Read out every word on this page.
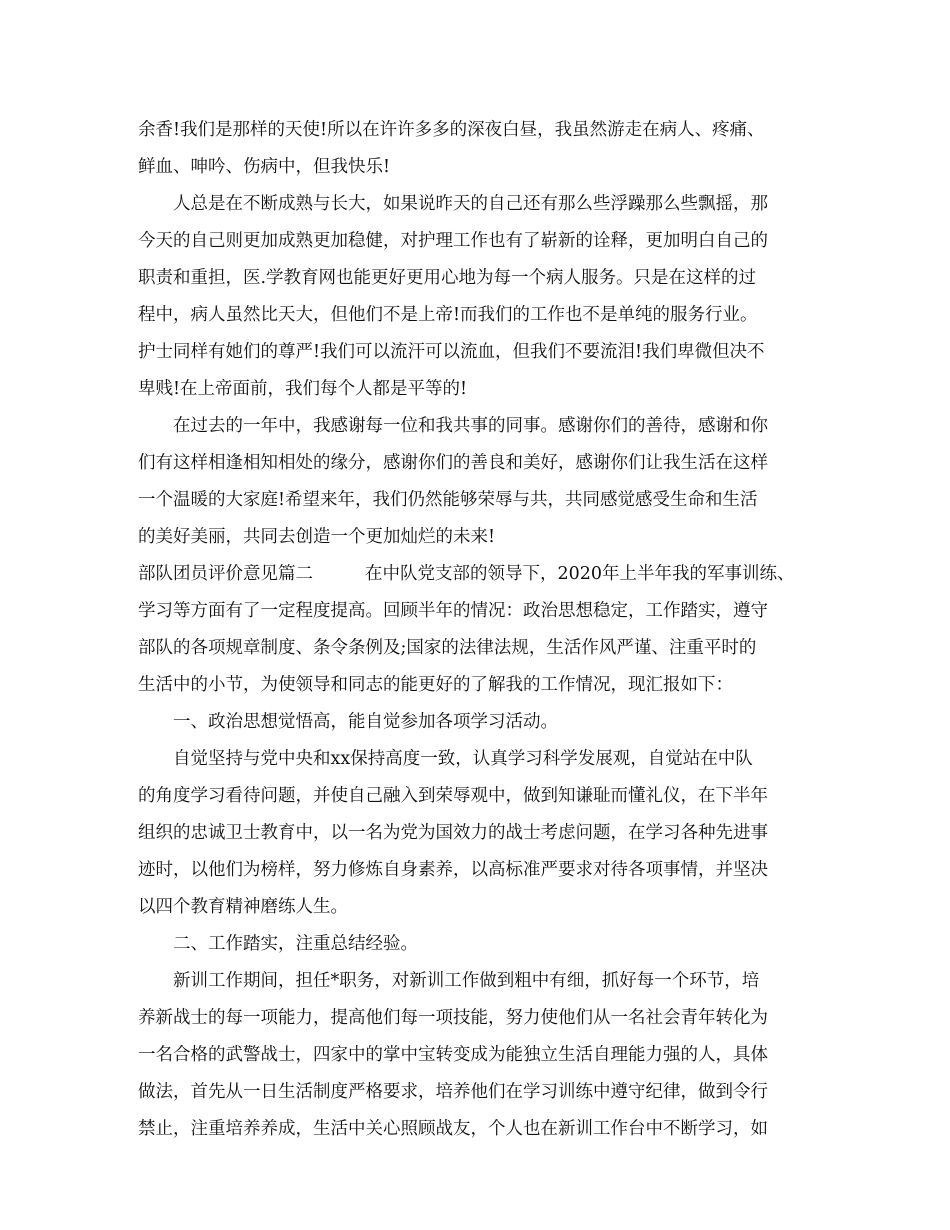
余香!我们是那样的天使!所以在许许多多的深夜白昼，我虽然游走在病人、疼痛、

鲜血、呻吟、伤病中，但我快乐!

　　人总是在不断成熟与长大，如果说昨天的自己还有那么些浮躁那么些飘摇，那

今天的自己则更加成熟更加稳健，对护理工作也有了崭新的诠释，更加明白自己的

职责和重担，医.学教育网也能更好更用心地为每一个病人服务。只是在这样的过

程中，病人虽然比天大，但他们不是上帝!而我们的工作也不是单纯的服务行业。

护士同样有她们的尊严!我们可以流汗可以流血，但我们不要流泪!我们卑微但决不

卑贱!在上帝面前，我们每个人都是平等的!

　　在过去的一年中，我感谢每一位和我共事的同事。感谢你们的善待，感谢和你

们有这样相逢相知相处的缘分，感谢你们的善良和美好，感谢你们让我生活在这样

一个温暖的大家庭!希望来年，我们仍然能够荣辱与共，共同感觉感受生命和生活

的美好美丽，共同去创造一个更加灿烂的未来!

部队团员评价意见篇二	在中队党支部的领导下，2020年上半年我的军事训练、

学习等方面有了一定程度提高。回顾半年的情况：政治思想稳定，工作踏实，遵守

部队的各项规章制度、条令条例及;国家的法律法规，生活作风严谨、注重平时的

生活中的小节，为使领导和同志的能更好的了解我的工作情况，现汇报如下：

　　一、政治思想觉悟高，能自觉参加各项学习活动。

　　自觉坚持与党中央和xx保持高度一致，认真学习科学发展观，自觉站在中队

的角度学习看待问题，并使自己融入到荣辱观中，做到知谦耻而懂礼仪，在下半年

组织的忠诚卫士教育中，以一名为党为国效力的战士考虑问题，在学习各种先进事

迹时，以他们为榜样，努力修炼自身素养，以高标准严要求对待各项事情，并坚决

以四个教育精神磨练人生。

　　二、工作踏实，注重总结经验。

　　新训工作期间，担任*职务，对新训工作做到粗中有细，抓好每一个环节，培

养新战士的每一项能力，提高他们每一项技能，努力使他们从一名社会青年转化为

一名合格的武警战士，四家中的掌中宝转变成为能独立生活自理能力强的人，具体

做法，首先从一日生活制度严格要求，培养他们在学习训练中遵守纪律，做到令行

禁止，注重培养养成，生活中关心照顾战友，个人也在新训工作台中不断学习，如
